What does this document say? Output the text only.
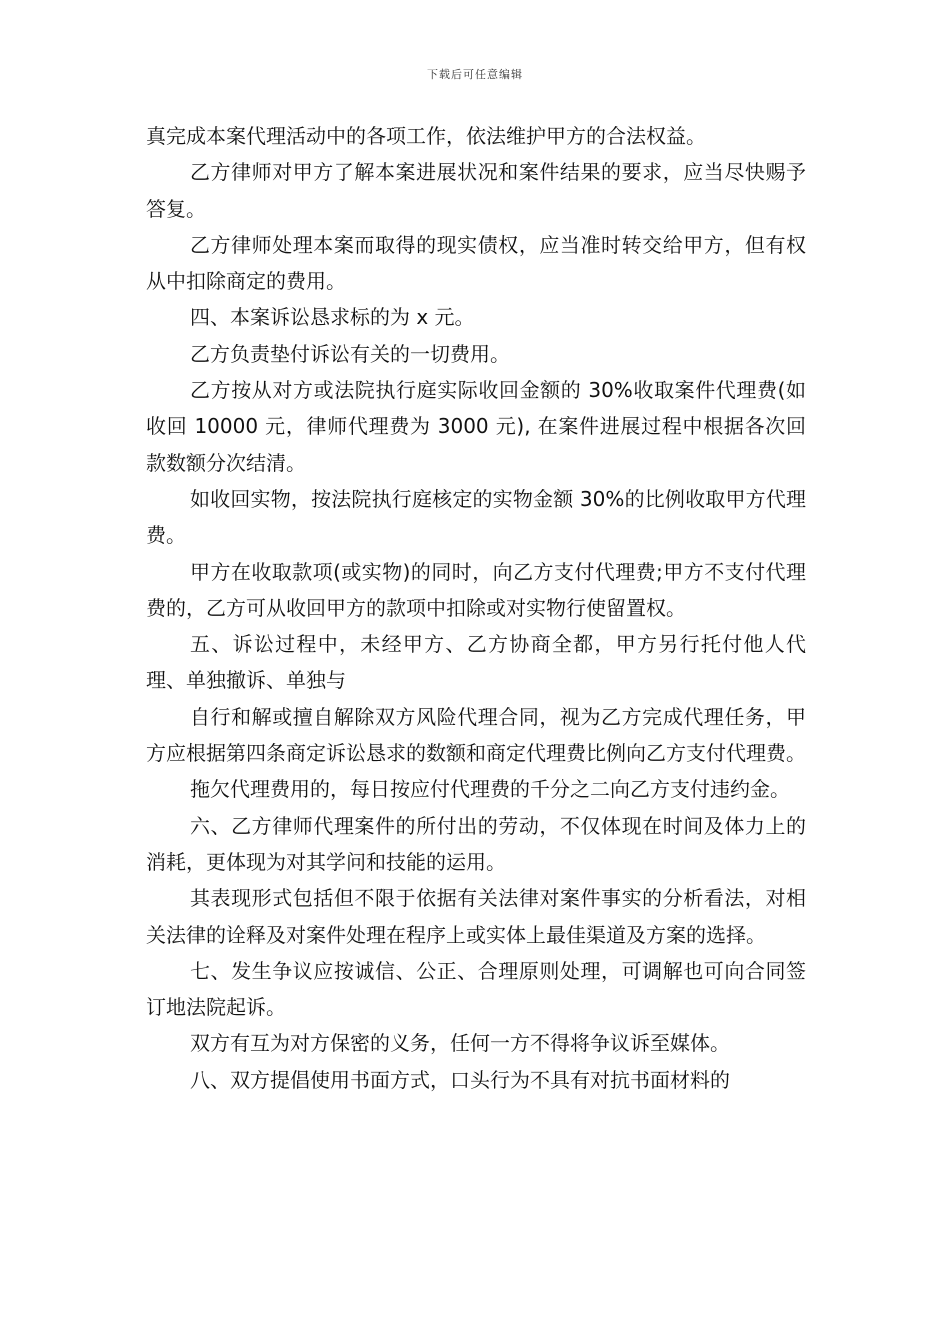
下载后可任意编辑

真完成本案代理活动中的各项工作，依法维护甲方的合法权益。

乙方律师对甲方了解本案进展状况和案件结果的要求，应当尽快赐予答复。

乙方律师处理本案而取得的现实债权，应当准时转交给甲方，但有权从中扣除商定的费用。

四、本案诉讼恳求标的为 x 元。

乙方负责垫付诉讼有关的一切费用。

乙方按从对方或法院执行庭实际收回金额的 30%收取案件代理费(如收回 10000 元，律师代理费为 3000 元), 在案件进展过程中根据各次回款数额分次结清。

如收回实物，按法院执行庭核定的实物金额 30%的比例收取甲方代理费。

甲方在收取款项(或实物)的同时，向乙方支付代理费;甲方不支付代理费的，乙方可从收回甲方的款项中扣除或对实物行使留置权。

五、诉讼过程中，未经甲方、乙方协商全都，甲方另行托付他人代理、单独撤诉、单独与

自行和解或擅自解除双方风险代理合同，视为乙方完成代理任务，甲方应根据第四条商定诉讼恳求的数额和商定代理费比例向乙方支付代理费。

拖欠代理费用的，每日按应付代理费的千分之二向乙方支付违约金。

六、乙方律师代理案件的所付出的劳动，不仅体现在时间及体力上的消耗，更体现为对其学问和技能的运用。

其表现形式包括但不限于依据有关法律对案件事实的分析看法，对相关法律的诠释及对案件处理在程序上或实体上最佳渠道及方案的选择。

七、发生争议应按诚信、公正、合理原则处理，可调解也可向合同签订地法院起诉。

双方有互为对方保密的义务，任何一方不得将争议诉至媒体。

八、双方提倡使用书面方式，口头行为不具有对抗书面材料的
